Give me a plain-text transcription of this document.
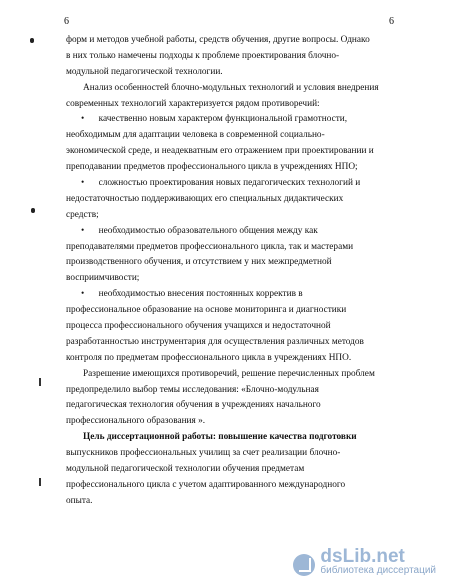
6	6
форм и методов учебной работы, средств обучения, другие вопросы. Однако
в них только намечены подходы к проблеме проектирования блочно-
модульной педагогической технологии.
Анализ особенностей блочно-модульных технологий и условия внедрения
современных технологий характеризуется рядом противоречий:
• качественно новым характером функциональной грамотности,
необходимым для адаптации человека в современной социально-
экономической среде, и неадекватным его отражением при проектировании и
преподавании предметов профессионального цикла в учреждениях НПО;
• сложностью проектирования новых педагогических технологий и
недостаточностью поддерживающих его специальных дидактических
средств;
• необходимостью образовательного общения между как
преподавателями предметов профессионального цикла, так и мастерами
производственного обучения, и отсутствием у них межпредметной
восприимчивости;
• необходимостью внесения постоянных корректив в
профессиональное образование на основе мониторинга и диагностики
процесса профессионального обучения учащихся и недостаточной
разработанностью инструментария для осуществления различных методов
контроля по предметам профессионального цикла в учреждениях НПО.
Разрешение имеющихся противоречий, решение перечисленных проблем
предопределило выбор темы исследования: «Блочно-модульная
педагогическая технология обучения в учреждениях начального
профессионального образования ».
Цель диссертационной работы: повышение качества подготовки
выпускников профессиональных училищ за счет реализации блочно-
модульной педагогической технологии обучения предметам
профессионального цикла с учетом адаптированного международного
опыта.
dsLib.net
библиотека диссертаций
